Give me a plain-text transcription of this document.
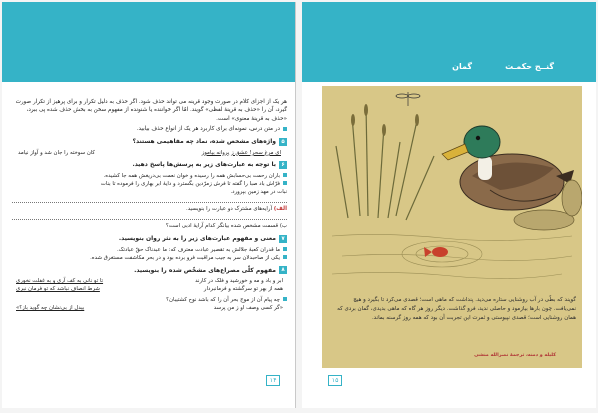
هر یک از اجزای کلام در صورت وجود قرینه می تواند حذف شود. اگر حذف به دلیل تکرار و برای پرهیز از تکرار صورت گیرد، آن را «حذف به قرینهٔ لفظی» گویند. امّا اگر خواننده یا شنونده از مفهوم سخن به بخش حذف شده پی ببرد، «حذف به قرینهٔ معنوی» است.

در متن درس، نمونه‌ای برای کاربرد هر یک از انواع حذف بیابید.

۵
واژه‌های مشخص شده، نماد چه مفاهیمی هستند؟
ای مرغ سحر! عشق ز پروانه بیاموز
کان سوخته را جان شد و آواز نیامد
۶
با توجه به عبارت‌های زیر به پرسش‌ها پاسخ دهید.

باران رحمت بی‌حسابش همه را رسیده و خوان نعمت بی‌دریغش همه جا کشیده.

فرّاش باد صبا را گفته تا فرش زمرّدین بگسترد و دایهٔ ابر بهاری را فرموده تا بنات

نبات در مهد زمین بپرورد.

الف) آرایه‌های مشترک دو عبارت را بنویسید.

ب) قسمت مشخص شده بیانگر کدام آرایهٔ ادبی است؟

۷
معنی و مفهوم عبارت‌های زیر را به نثر روان بنویسید.

ما قدران کعبهٔ جلالش به تقصیر عبادت معترف که: ما عبدناک حقّ عبادتک.

یکی از صاحبدلان سر به جیب مراقبت فرو برده بود و در بحر مکاشفت مستغرق شده.

۸
مفهوم کلّی مصراع‌های مشخّص شده را بنویسید.
ابر و باد و مه و خورشید و فلک در کارند
تا تو نانی به کف آری و به غفلت نخوری
همه از بهر تو سرگشته و فرمانبردار
شرط انصاف نباشد که تو فرمان نبری

چه پیام آن از موج بحر آن را که باشد نوح کشتیبان؟

«گر کسی وصف او ز من پرسد
بیدل از بی‌نشان چه گوید باز؟»
۱۴
گنــج حکمـت
گمان

گویند که بطّی در آب روشنایی ستاره می‌دید. پنداشت که ماهی است؛ قصدی می‌کرد تا بگیرد و هیچ نمی‌یافت. چون بارها بیازمود و حاصلی ندید، فرو گذاشت. دیگر روز هر گاه که ماهی بدیدی، گمان بردی که همان روشنایی است؛ قصدی نپیوستی و ثمرت این تجربت آن بود که همه روز گرسنه بماند.

کلیله و دمنه، ترجمهٔ نصرالله منشی
۱۵
